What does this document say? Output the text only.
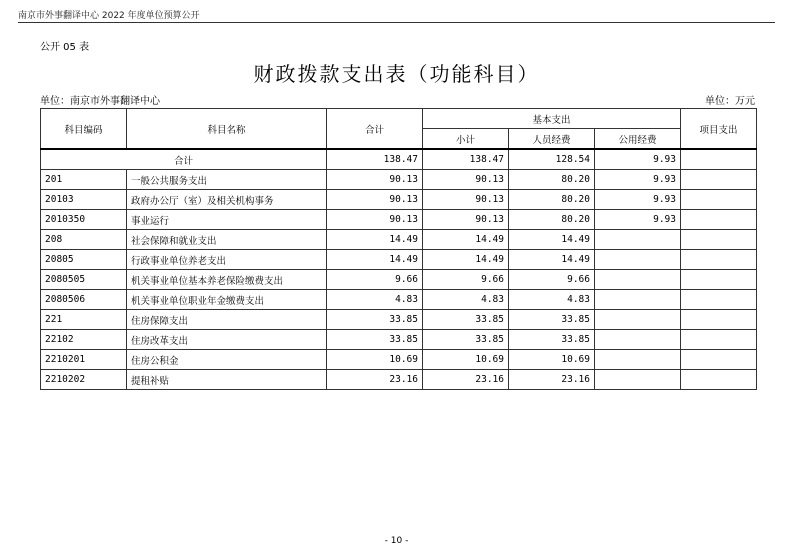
南京市外事翻译中心 2022 年度单位预算公开
公开 05 表
财政拨款支出表（功能科目）
单位：南京市外事翻译中心	单位：万元
科目编码	科目名称	合计	基本支出			项目支出
			小计	人员经费	公用经费	
合计		138.47	138.47	128.54	9.93	
201	一般公共服务支出	90.13	90.13	80.20	9.93	
20103	政府办公厅（室）及相关机构事务	90.13	90.13	80.20	9.93	
2010350	事业运行	90.13	90.13	80.20	9.93	
208	社会保障和就业支出	14.49	14.49	14.49		
20805	行政事业单位养老支出	14.49	14.49	14.49		
2080505	机关事业单位基本养老保险缴费支出	9.66	9.66	9.66		
2080506	机关事业单位职业年金缴费支出	4.83	4.83	4.83		
221	住房保障支出	33.85	33.85	33.85		
22102	住房改革支出	33.85	33.85	33.85		
2210201	住房公积金	10.69	10.69	10.69		
2210202	提租补贴	23.16	23.16	23.16		
- 10 -
